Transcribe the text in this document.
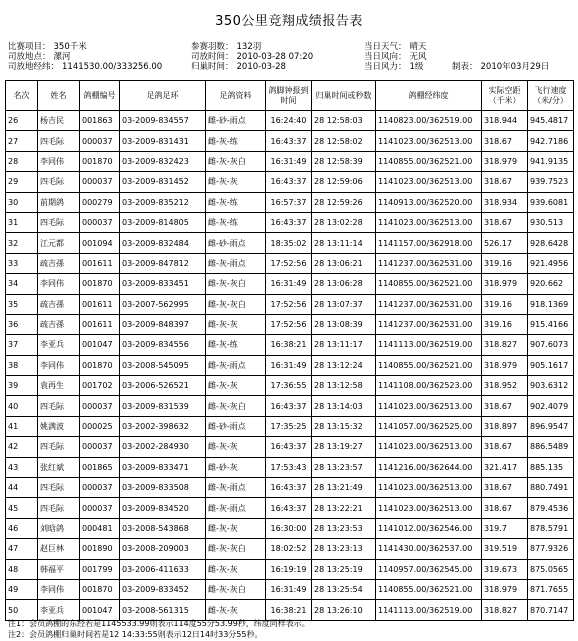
350公里竞翔成绩报告表
比赛项目： 350千米
司放地点： 漯河
司放地经纬： 1141530.00/333256.00
参赛羽数： 132羽
司放时间： 2010-03-28 07:20
归巢时间： 2010-03-28
当日天气： 晴天
当日风向： 无风
当日风力： 1级	制表： 2010年03月29日
名次	姓名	鸽棚编号	足鸽足环	足鸽资料	鸽脚钟报到时间	归巢时间或秒数	鸽棚经纬度	实际空距（千米）	飞行速度（米/分）
26	杨吉民	001863	03-2009-834557	雌-砂-雨点	16:24:40	28 12:58:03	1140823.00/362519.00	318.944	945.4817
27	四毛际	000037	03-2009-831431	雌-灰-练	16:43:37	28 12:58:02	1141023.00/362513.00	318.67	942.7186
28	李同伟	001870	03-2009-832423	雌-灰-灰白	16:31:49	28 12:58:39	1140855.00/362521.00	318.979	941.9135
29	四毛际	000037	03-2009-831452	雌-灰-灰	16:43:37	28 12:59:06	1141023.00/362513.00	318.67	939.7523
30	前期鸽	000279	03-2009-835212	雌-灰-练	16:57:37	28 12:59:26	1140913.00/362520.00	318.934	939.6081
31	四毛际	000037	03-2009-814805	雌-灰-练	16:43:37	28 13:02:28	1141023.00/362513.00	318.67	930.513
32	江元都	001094	03-2009-832484	雌-砂-雨点	18:35:02	28 13:11:14	1141157.00/362918.00	526.17	928.6428
33	疏吉孫	001611	03-2009-847812	雌-灰-雨点	17:52:56	28 13:06:21	1141237.00/362531.00	319.16	921.4956
34	李同伟	001870	03-2009-833451	雌-灰-灰白	16:31:49	28 13:06:28	1140855.00/362521.00	318.979	920.662
35	疏吉孫	001611	03-2007-562995	雌-灰-灰白	17:52:56	28 13:07:37	1141237.00/362531.00	319.16	918.1369
36	疏吉孫	001611	03-2009-848397	雌-灰-灰	17:52:56	28 13:08:39	1141237.00/362531.00	319.16	915.4166
37	李亚兵	001047	03-2009-834556	雌-灰-练	16:38:21	28 13:11:17	1141113.00/362519.00	318.827	907.6073
38	李同伟	001870	03-2008-545095	雌-灰-雨点	16:31:49	28 13:12:24	1140855.00/362521.00	318.979	905.1617
39	袁再生	001702	03-2006-526521	雌-灰-灰	17:36:55	28 13:12:58	1141108.00/362523.00	318.952	903.6312
40	四毛际	000037	03-2009-831539	雌-灰-灰白	16:43:37	28 13:14:03	1141023.00/362513.00	318.67	902.4079
41	姚满波	000025	03-2002-398632	雌-砂-雨点	17:35:25	28 13:15:32	1141057.00/362525.00	318.897	896.9547
42	四毛际	000037	03-2002-284930	雌-灰-灰	16:43:37	28 13:19:27	1141023.00/362513.00	318.67	886.5489
43	张红斌	001865	03-2009-833471	雌-砂-灰	17:53:43	28 13:23:57	1141216.00/362644.00	321.417	885.135
44	四毛际	000037	03-2009-833508	雌-灰-雨点	16:43:37	28 13:21:49	1141023.00/362513.00	318.67	880.7491
45	四毛际	000037	03-2009-834520	雌-灰-雨点	16:43:37	28 13:22:21	1141023.00/362513.00	318.67	879.4536
46	刘晗鸽	000481	03-2008-543868	雌-灰-灰	16:30:00	28 13:23:53	1141012.00/362546.00	319.7	878.5791
47	赵巨林	001890	03-2008-209003	雌-灰-灰白	18:02:52	28 13:23:13	1141430.00/362537.00	319.519	877.9326
48	韩福平	001799	03-2006-411633	雌-灰-灰	16:19:19	28 13:25:19	1140957.00/362545.00	319.673	875.0565
49	李同伟	001870	03-2009-833452	雌-灰-灰白	16:31:49	28 13:25:54	1140855.00/362521.00	318.979	871.7655
50	李亚兵	001047	03-2008-561315	雌-灰-灰	16:38:21	28 13:26:10	1141113.00/362519.00	318.827	870.7147
注1：会员鸽棚的东经若是1145533.99则表示114度55分53.99秒，纬度同样表示。
注2：会员鸽棚归巢时间若是12 14:33:55则表示12日14时33分55秒。
